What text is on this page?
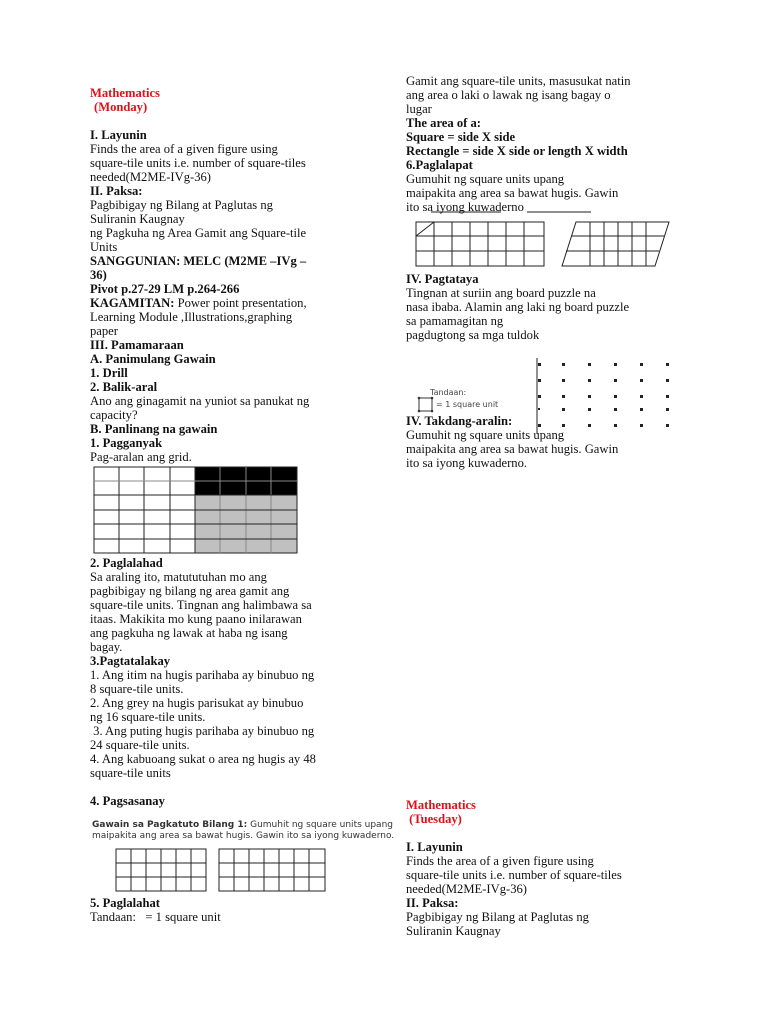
Mathematics
(Monday)
I. Layunin
Finds the area of a given figure using
square-tile units i.e. number of square-tiles
needed(M2ME-IVg-36)
II. Paksa:
Pagbibigay ng Bilang at Paglutas ng
Suliranin Kaugnay
ng Pagkuha ng Area Gamit ang Square-tile
Units
SANGGUNIAN: MELC (M2ME –IVg –
36)
Pivot p.27-29 LM p.264-266
KAGAMITAN: Power point presentation,
Learning Module ,Illustrations,graphing
paper
III. Pamamaraan
A. Panimulang Gawain
1. Drill
2. Balik-aral
Ano ang ginagamit na yuniot sa panukat ng
capacity?
B. Panlinang na gawain
1. Pagganyak
Pag-aralan ang grid.
2. Paglalahad
Sa araling ito, matututuhan mo ang
pagbibigay ng bilang ng area gamit ang
square-tile units. Tingnan ang halimbawa sa
itaas. Makikita mo kung paano inilarawan
ang pagkuha ng lawak at haba ng isang
bagay.
3.Pagtatalakay
1. Ang itim na hugis parihaba ay binubuo ng
8 square-tile units.
2. Ang grey na hugis parisukat ay binubuo
ng 16 square-tile units.
3. Ang puting hugis parihaba ay binubuo ng
24 square-tile units.
4. Ang kabuoang sukat o area ng hugis ay 48
square-tile units
4. Pagsasanay
5. Paglalahat
Tandaan:   = 1 square unit
Gawain sa Pagkatuto Bilang 1: Gumuhit ng square units upang
maipakita ang area sa bawat hugis. Gawin ito sa iyong kuwaderno.
Gamit ang square-tile units, masusukat natin
ang area o laki o lawak ng isang bagay o
lugar
The area of a:
Square = side X side
Rectangle = side X side or length X width
6.Paglalapat
Gumuhit ng square units upang
maipakita ang area sa bawat hugis. Gawin
ito sa iyong kuwaderno
IV. Pagtataya
Tingnan at suriin ang board puzzle na
nasa ibaba. Alamin ang laki ng board puzzle
sa pamamagitan ng
pagdugtong sa mga tuldok
IV. Takdang-aralin:
Gumuhit ng square units upang
maipakita ang area sa bawat hugis. Gawin
ito sa iyong kuwaderno.
Tandaan:
= 1 square unit
Mathematics
(Tuesday)
I. Layunin
Finds the area of a given figure using
square-tile units i.e. number of square-tiles
needed(M2ME-IVg-36)
II. Paksa:
Pagbibigay ng Bilang at Paglutas ng
Suliranin Kaugnay
